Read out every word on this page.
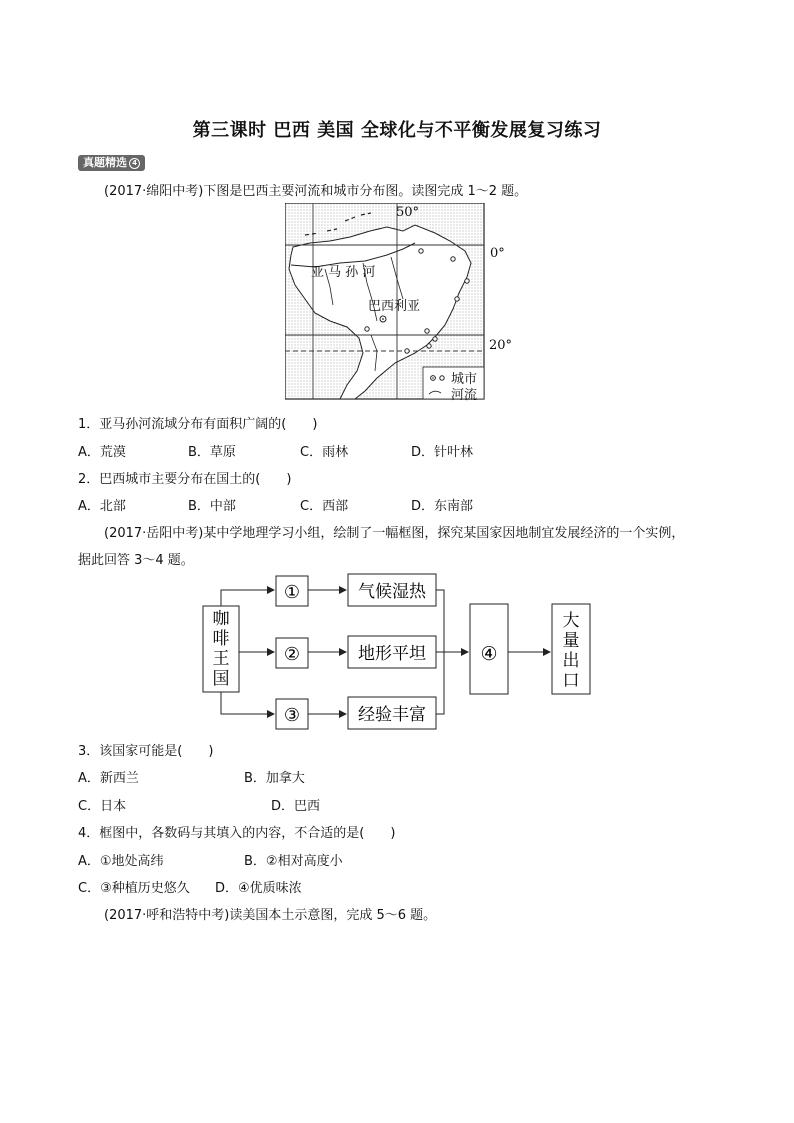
第三课时 巴西 美国 全球化与不平衡发展复习练习
真题精选 4
(2017·绵阳中考)下图是巴西主要河流和城市分布图。读图完成 1～2 题。
亚 马 孙 河
巴西利亚
城市
河流
50°
0°
20°
1．亚马孙河流域分布有面积广阔的(　　)
A．荒漠	B．草原	C．雨林	D．针叶林
2．巴西城市主要分布在国土的(　　)
A．北部	B．中部	C．西部	D．东南部
(2017·岳阳中考)某中学地理学习小组，绘制了一幅框图，探究某国家因地制宜发展经济的一个实例，
据此回答 3～4 题。
咖
啡
王
国
①
②
③
气候湿热
地形平坦
经验丰富
④
大
量
出
口
3．该国家可能是(　　)
A．新西兰	B．加拿大
C．日本	D．巴西
4．框图中，各数码与其填入的内容，不合适的是(　　)
A．①地处高纬	B．②相对高度小
C．③种植历史悠久 D．④优质味浓
(2017·呼和浩特中考)读美国本土示意图，完成 5～6 题。
